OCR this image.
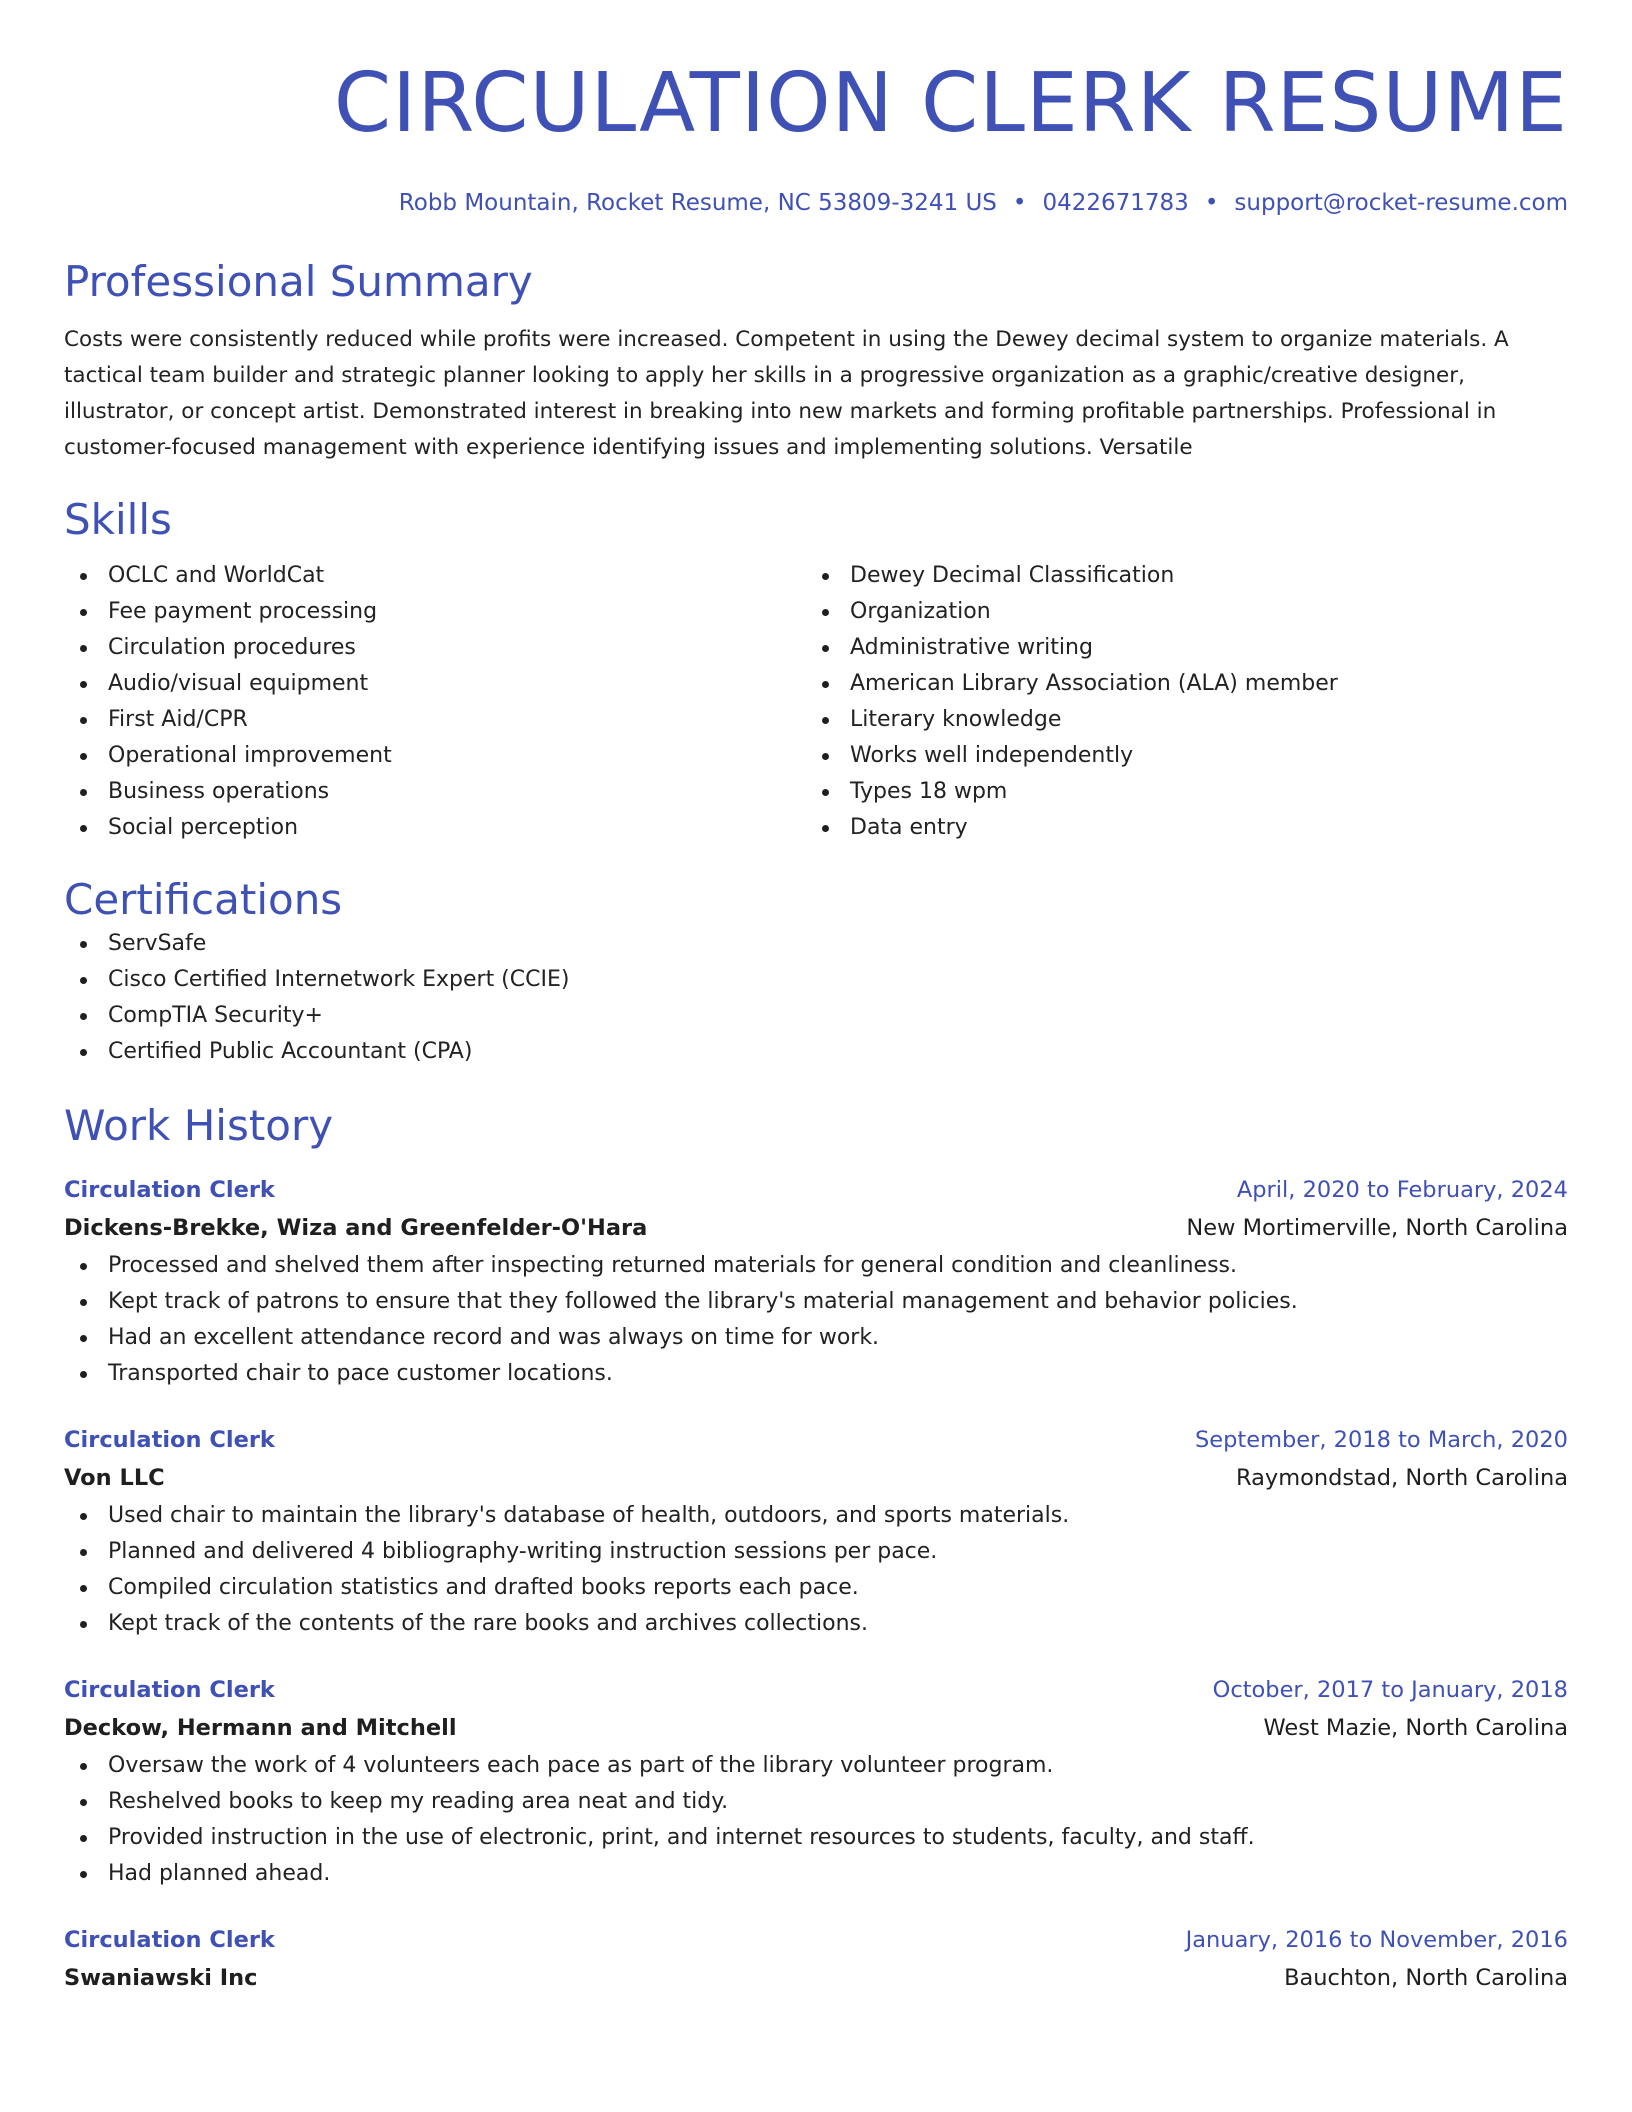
CIRCULATION CLERK RESUME
Robb Mountain, Rocket Resume, NC 53809-3241 US • 0422671783 • support@rocket-resume.com
Professional Summary
Costs were consistently reduced while profits were increased. Competent in using the Dewey decimal system to organize materials. A tactical team builder and strategic planner looking to apply her skills in a progressive organization as a graphic/creative designer, illustrator, or concept artist. Demonstrated interest in breaking into new markets and forming profitable partnerships. Professional in customer-focused management with experience identifying issues and implementing solutions. Versatile
Skills
OCLC and WorldCat
Fee payment processing
Circulation procedures
Audio/visual equipment
First Aid/CPR
Operational improvement
Business operations
Social perception
Dewey Decimal Classification
Organization
Administrative writing
American Library Association (ALA) member
Literary knowledge
Works well independently
Types 18 wpm
Data entry
Certifications
ServSafe
Cisco Certified Internetwork Expert (CCIE)
CompTIA Security+
Certified Public Accountant (CPA)
Work History
Circulation Clerk	April, 2020 to February, 2024
Dickens-Brekke, Wiza and Greenfelder-O'Hara	New Mortimerville, North Carolina
Processed and shelved them after inspecting returned materials for general condition and cleanliness.
Kept track of patrons to ensure that they followed the library's material management and behavior policies.
Had an excellent attendance record and was always on time for work.
Transported chair to pace customer locations.
Circulation Clerk	September, 2018 to March, 2020
Von LLC	Raymondstad, North Carolina
Used chair to maintain the library's database of health, outdoors, and sports materials.
Planned and delivered 4 bibliography-writing instruction sessions per pace.
Compiled circulation statistics and drafted books reports each pace.
Kept track of the contents of the rare books and archives collections.
Circulation Clerk	October, 2017 to January, 2018
Deckow, Hermann and Mitchell	West Mazie, North Carolina
Oversaw the work of 4 volunteers each pace as part of the library volunteer program.
Reshelved books to keep my reading area neat and tidy.
Provided instruction in the use of electronic, print, and internet resources to students, faculty, and staff.
Had planned ahead.
Circulation Clerk	January, 2016 to November, 2016
Swaniawski Inc	Bauchton, North Carolina
